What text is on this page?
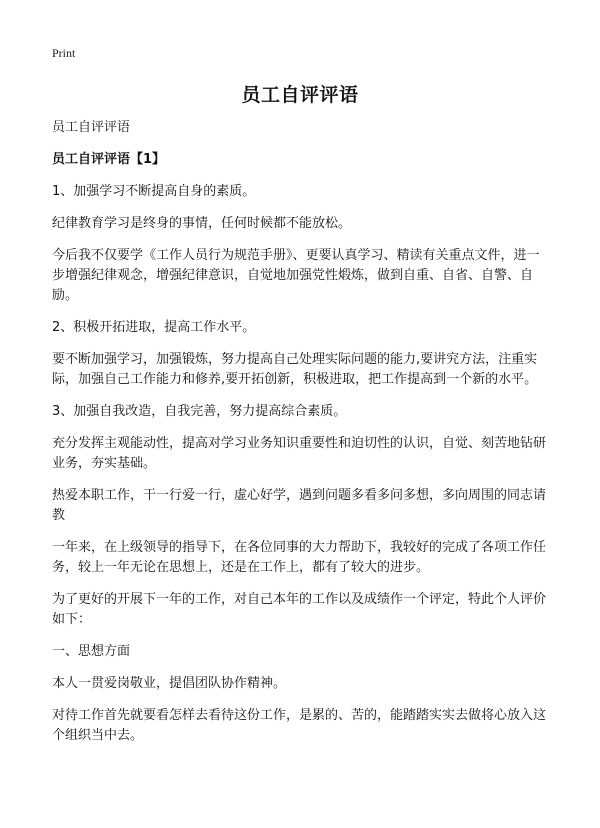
Print
员工自评评语

员工自评评语

员工自评评语【1】

1、加强学习不断提高自身的素质。

纪律教育学习是终身的事情，任何时候都不能放松。

今后我不仅要学《工作人员行为规范手册》、更要认真学习、精读有关重点文件，进一步增强纪律观念，增强纪律意识，自觉地加强党性煅炼，做到自重、自省、自警、自励。

2、积极开拓进取，提高工作水平。

要不断加强学习，加强锻炼，努力提高自己处理实际问题的能力,要讲究方法，注重实际，加强自己工作能力和修养,要开拓创新，积极进取，把工作提高到一个新的水平。

3、加强自我改造，自我完善，努力提高综合素质。

充分发挥主观能动性，提高对学习业务知识重要性和迫切性的认识，自觉、刻苦地钻研业务，夯实基础。

热爱本职工作，干一行爱一行，虚心好学，遇到问题多看多问多想，多向周围的同志请教

一年来，在上级领导的指导下，在各位同事的大力帮助下，我较好的完成了各项工作任务，较上一年无论在思想上，还是在工作上，都有了较大的进步。

为了更好的开展下一年的工作，对自己本年的工作以及成绩作一个评定，特此个人评价如下：

一、思想方面

本人一贯爱岗敬业，提倡团队协作精神。

对待工作首先就要看怎样去看待这份工作，是累的、苦的，能踏踏实实去做将心放入这个组织当中去。
